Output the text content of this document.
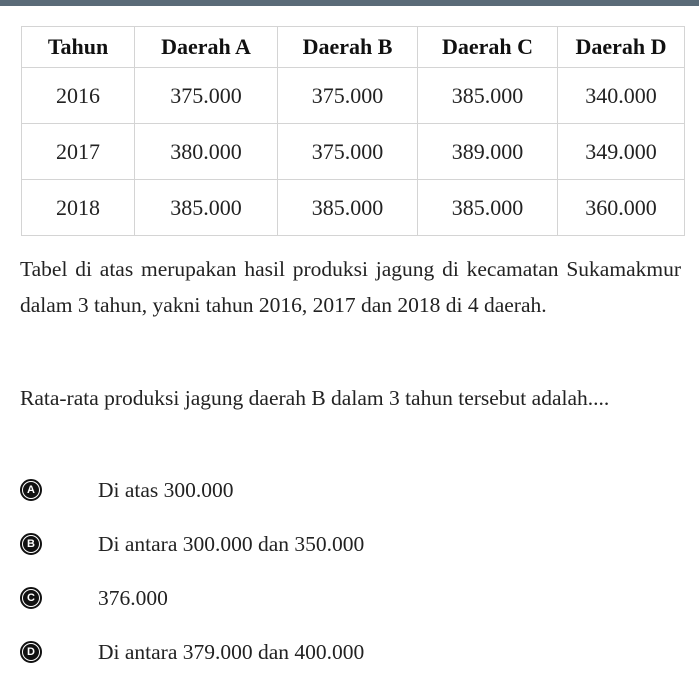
Tahun	Daerah A	Daerah B	Daerah C	Daerah D
2016	375.000	375.000	385.000	340.000
2017	380.000	375.000	389.000	349.000
2018	385.000	385.000	385.000	360.000

Tabel di atas merupakan hasil produksi jagung di kecamatan Sukamakmur dalam 3 tahun, yakni tahun 2016, 2017 dan 2018 di 4 daerah.

Rata-rata produksi jagung daerah B dalam 3 tahun tersebut adalah....

A	Di atas 300.000
B	Di antara 300.000 dan 350.000
C	376.000
D	Di antara 379.000 dan 400.000
